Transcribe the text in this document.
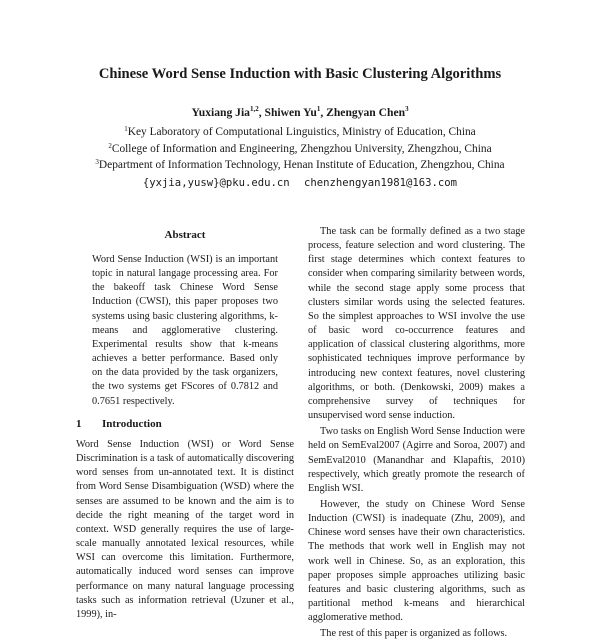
Chinese Word Sense Induction with Basic Clustering Algorithms
Yuxiang Jia$^{1,2}$, Shiwen Yu$^1$, Zhengyan Chen$^3$
$^1$Key Laboratory of Computational Linguistics, Ministry of Education, China
$^2$College of Information and Engineering, Zhengzhou University, Zhengzhou, China
$^3$Department of Information Technology, Henan Institute of Education, Zhengzhou, China
{yxjia,yusw}@pku.edu.cn chenzhengyan1981@163.com
Abstract

Word Sense Induction (WSI) is an important topic in natural langage processing area. For the bakeoff task Chinese Word Sense Induction (CWSI), this paper proposes two systems using basic clustering algorithms, k-means and agglomerative clustering. Experimental results show that k-means achieves a better performance. Based only on the data provided by the task organizers, the two systems get FScores of 0.7812 and 0.7651 respectively.

1 Introduction

Word Sense Induction (WSI) or Word Sense Discrimination is a task of automatically discovering word senses from un-annotated text. It is distinct from Word Sense Disambiguation (WSD) where the senses are assumed to be known and the aim is to decide the right meaning of the target word in context. WSD generally requires the use of large-scale manually annotated lexical resources, while WSI can overcome this limitation. Furthermore, automatically induced word senses can improve performance on many natural language processing tasks such as information retrieval (Uzuner et al., 1999), in-

The task can be formally defined as a two stage process, feature selection and word clustering. The first stage determines which context features to consider when comparing similarity between words, while the second stage apply some process that clusters similar words using the selected features. So the simplest approaches to WSI involve the use of basic word co-occurrence features and application of classical clustering algorithms, more sophisticated techniques improve performance by introducing new context features, novel clustering algorithms, or both. (Denkowski, 2009) makes a comprehensive survey of techniques for unsupervised word sense induction.

Two tasks on English Word Sense Induction were held on SemEval2007 (Agirre and Soroa, 2007) and SemEval2010 (Manandhar and Klapaftis, 2010) respectively, which greatly promote the research of English WSI.

However, the study on Chinese Word Sense Induction (CWSI) is inadequate (Zhu, 2009), and Chinese word senses have their own characteristics. The methods that work well in English may not work well in Chinese. So, as an exploration, this paper proposes simple approaches utilizing basic features and basic clustering algorithms, such as partitional method k-means and hierarchical agglomerative method.

The rest of this paper is organized as follows.
